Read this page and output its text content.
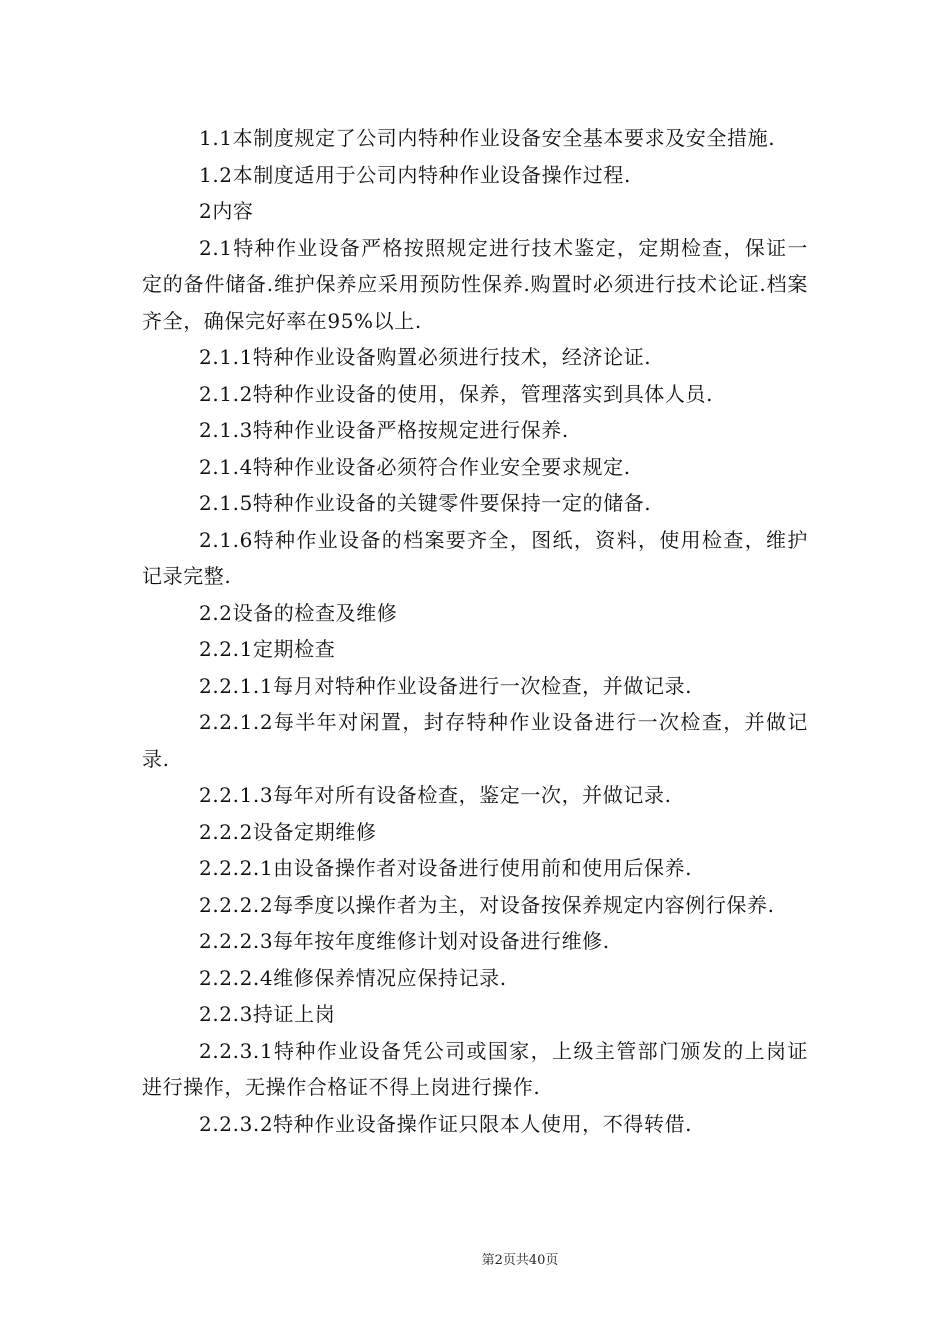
1.1本制度规定了公司内特种作业设备安全基本要求及安全措施.

1.2本制度适用于公司内特种作业设备操作过程.

2内容

2.1特种作业设备严格按照规定进行技术鉴定，定期检查，保证一定的备件储备.维护保养应采用预防性保养.购置时必须进行技术论证.档案齐全，确保完好率在95%以上.

2.1.1特种作业设备购置必须进行技术，经济论证.

2.1.2特种作业设备的使用，保养，管理落实到具体人员.

2.1.3特种作业设备严格按规定进行保养.

2.1.4特种作业设备必须符合作业安全要求规定.

2.1.5特种作业设备的关键零件要保持一定的储备.

2.1.6特种作业设备的档案要齐全，图纸，资料，使用检查，维护记录完整.

2.2设备的检查及维修

2.2.1定期检查

2.2.1.1每月对特种作业设备进行一次检查，并做记录.

2.2.1.2每半年对闲置，封存特种作业设备进行一次检查，并做记录.

2.2.1.3每年对所有设备检查，鉴定一次，并做记录.

2.2.2设备定期维修

2.2.2.1由设备操作者对设备进行使用前和使用后保养.

2.2.2.2每季度以操作者为主，对设备按保养规定内容例行保养.

2.2.2.3每年按年度维修计划对设备进行维修.

2.2.2.4维修保养情况应保持记录.

2.2.3持证上岗

2.2.3.1特种作业设备凭公司或国家，上级主管部门颁发的上岗证进行操作，无操作合格证不得上岗进行操作.

2.2.3.2特种作业设备操作证只限本人使用，不得转借.

第2页共40页
